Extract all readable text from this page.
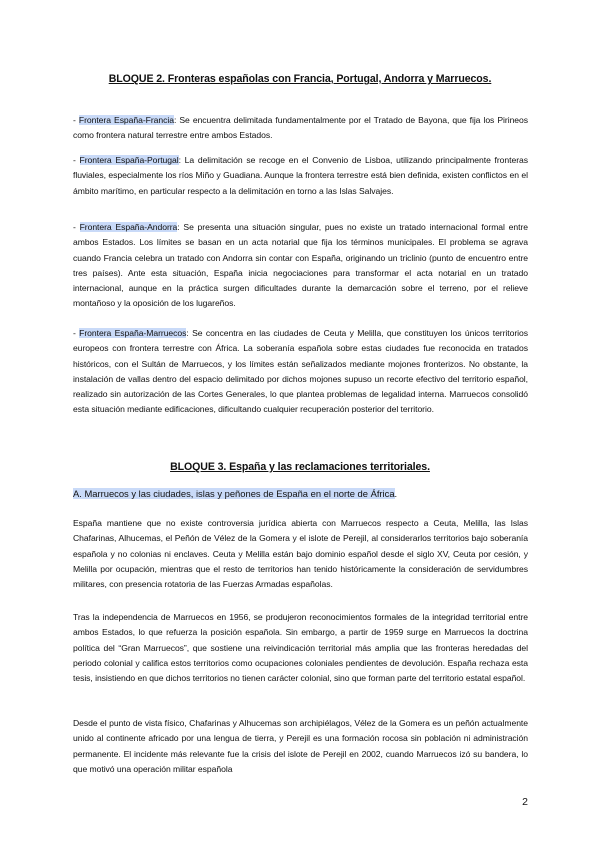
BLOQUE 2. Fronteras españolas con Francia, Portugal, Andorra y Marruecos.
- Frontera España-Francia: Se encuentra delimitada fundamentalmente por el Tratado de Bayona, que fija los Pirineos como frontera natural terrestre entre ambos Estados.
- Frontera España-Portugal: La delimitación se recoge en el Convenio de Lisboa, utilizando principalmente fronteras fluviales, especialmente los ríos Miño y Guadiana. Aunque la frontera terrestre está bien definida, existen conflictos en el ámbito marítimo, en particular respecto a la delimitación en torno a las Islas Salvajes.
- Frontera España-Andorra: Se presenta una situación singular, pues no existe un tratado internacional formal entre ambos Estados. Los límites se basan en un acta notarial que fija los términos municipales. El problema se agrava cuando Francia celebra un tratado con Andorra sin contar con España, originando un triclinio (punto de encuentro entre tres países). Ante esta situación, España inicia negociaciones para transformar el acta notarial en un tratado internacional, aunque en la práctica surgen dificultades durante la demarcación sobre el terreno, por el relieve montañoso y la oposición de los lugareños.
- Frontera España-Marruecos: Se concentra en las ciudades de Ceuta y Melilla, que constituyen los únicos territorios europeos con frontera terrestre con África. La soberanía española sobre estas ciudades fue reconocida en tratados históricos, con el Sultán de Marruecos, y los límites están señalizados mediante mojones fronterizos. No obstante, la instalación de vallas dentro del espacio delimitado por dichos mojones supuso un recorte efectivo del territorio español, realizado sin autorización de las Cortes Generales, lo que plantea problemas de legalidad interna. Marruecos consolidó esta situación mediante edificaciones, dificultando cualquier recuperación posterior del territorio.
BLOQUE 3. España y las reclamaciones territoriales.
A. Marruecos y las ciudades, islas y peñones de España en el norte de África.
España mantiene que no existe controversia jurídica abierta con Marruecos respecto a Ceuta, Melilla, las Islas Chafarinas, Alhucemas, el Peñón de Vélez de la Gomera y el islote de Perejil, al considerarlos territorios bajo soberanía española y no colonias ni enclaves. Ceuta y Melilla están bajo dominio español desde el siglo XV, Ceuta por cesión, y Melilla por ocupación, mientras que el resto de territorios han tenido históricamente la consideración de servidumbres militares, con presencia rotatoria de las Fuerzas Armadas españolas.
Tras la independencia de Marruecos en 1956, se produjeron reconocimientos formales de la integridad territorial entre ambos Estados, lo que refuerza la posición española. Sin embargo, a partir de 1959 surge en Marruecos la doctrina política del “Gran Marruecos”, que sostiene una reivindicación territorial más amplia que las fronteras heredadas del periodo colonial y califica estos territorios como ocupaciones coloniales pendientes de devolución. España rechaza esta tesis, insistiendo en que dichos territorios no tienen carácter colonial, sino que forman parte del territorio estatal español.
Desde el punto de vista físico, Chafarinas y Alhucemas son archipiélagos, Vélez de la Gomera es un peñón actualmente unido al continente africado por una lengua de tierra, y Perejil es una formación rocosa sin población ni administración permanente. El incidente más relevante fue la crisis del islote de Perejil en 2002, cuando Marruecos izó su bandera, lo que motivó una operación militar española
2
